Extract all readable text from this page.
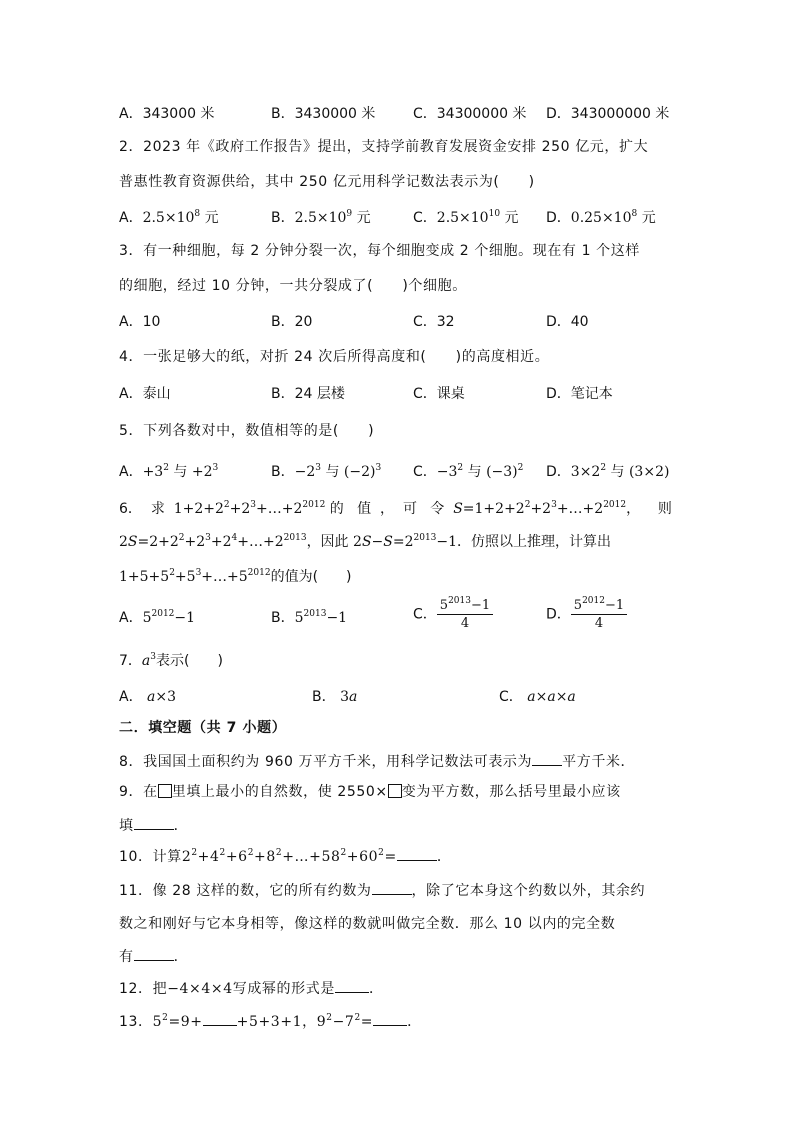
A．343000 米	B．3430000 米	C．34300000 米 D．343000000 米
2．2023 年《政府工作报告》提出，支持学前教育发展资金安排 250 亿元，扩大
普惠性教育资源供给，其中 250 亿元用科学记数法表示为(　　)
A．$2.5\times 10^8$ 元	B．$2.5\times 10^9$ 元	C．$2.5\times 10^{10}$ 元 D．$0.25\times 10^8$ 元
3．有一种细胞，每 2 分钟分裂一次，每个细胞变成 2 个细胞。现在有 1 个这样
的细胞，经过 10 分钟，一共分裂成了(　　)个细胞。
A．10	B．20	C．32	D．40
4．一张足够大的纸，对折 24 次后所得高度和(　　)的高度相近。
A．泰山	B．24 层楼	C．课桌	D．笔记本
5．下列各数对中，数值相等的是(　　)
A．$+3^2$ 与 $+2^3$	B．$-2^3$ 与 $(-2)^3$ C．$-3^2$ 与 $(-3)^2$ D．$3\times 2^2$ 与 (3×2)
6． 求 $1+2+2^2+2^3+\dots+2^{2012}$ 的 值 ， 可 令 $S=1+2+2^2+2^3+\dots+2^{2012}$， 则
$2S=2+2^2+2^3+2^4+\dots+2^{2013}$，因此 $2S-S=2^{2013}-1$．仿照以上推理，计算出
$1+5+5^2+5^3+\dots+5^{2012}$的值为(　　)
A．$5^{2012}-1$	B．$5^{2013}-1$	C． $\frac{5^{2013}-1}{4}$	D． $\frac{5^{2012}-1}{4}$
7．$a^3$表示(　　)
A． a×3	B． 3a	C． a×a×a
二．填空题（共 7 小题）
8．我国国土面积约为 960 万平方千米，用科学记数法可表示为 平方千米．
9．在 里填上最小的自然数，使 2550× 变为平方数，那么括号里最小应该
填	．
10．计算$2^2+4^2+6^2+8^2+\dots+58^2+60^2=$	．
11．像 28 这样的数，它的所有约数为	，除了它本身这个约数以外，其余约
数之和刚好与它本身相等，像这样的数就叫做完全数．那么 10 以内的完全数
有	．
12．把−4×4×4写成幂的形式是 ．
13．$5^2=9+ +5+3+1$，$9^2-7^2=$ ．
